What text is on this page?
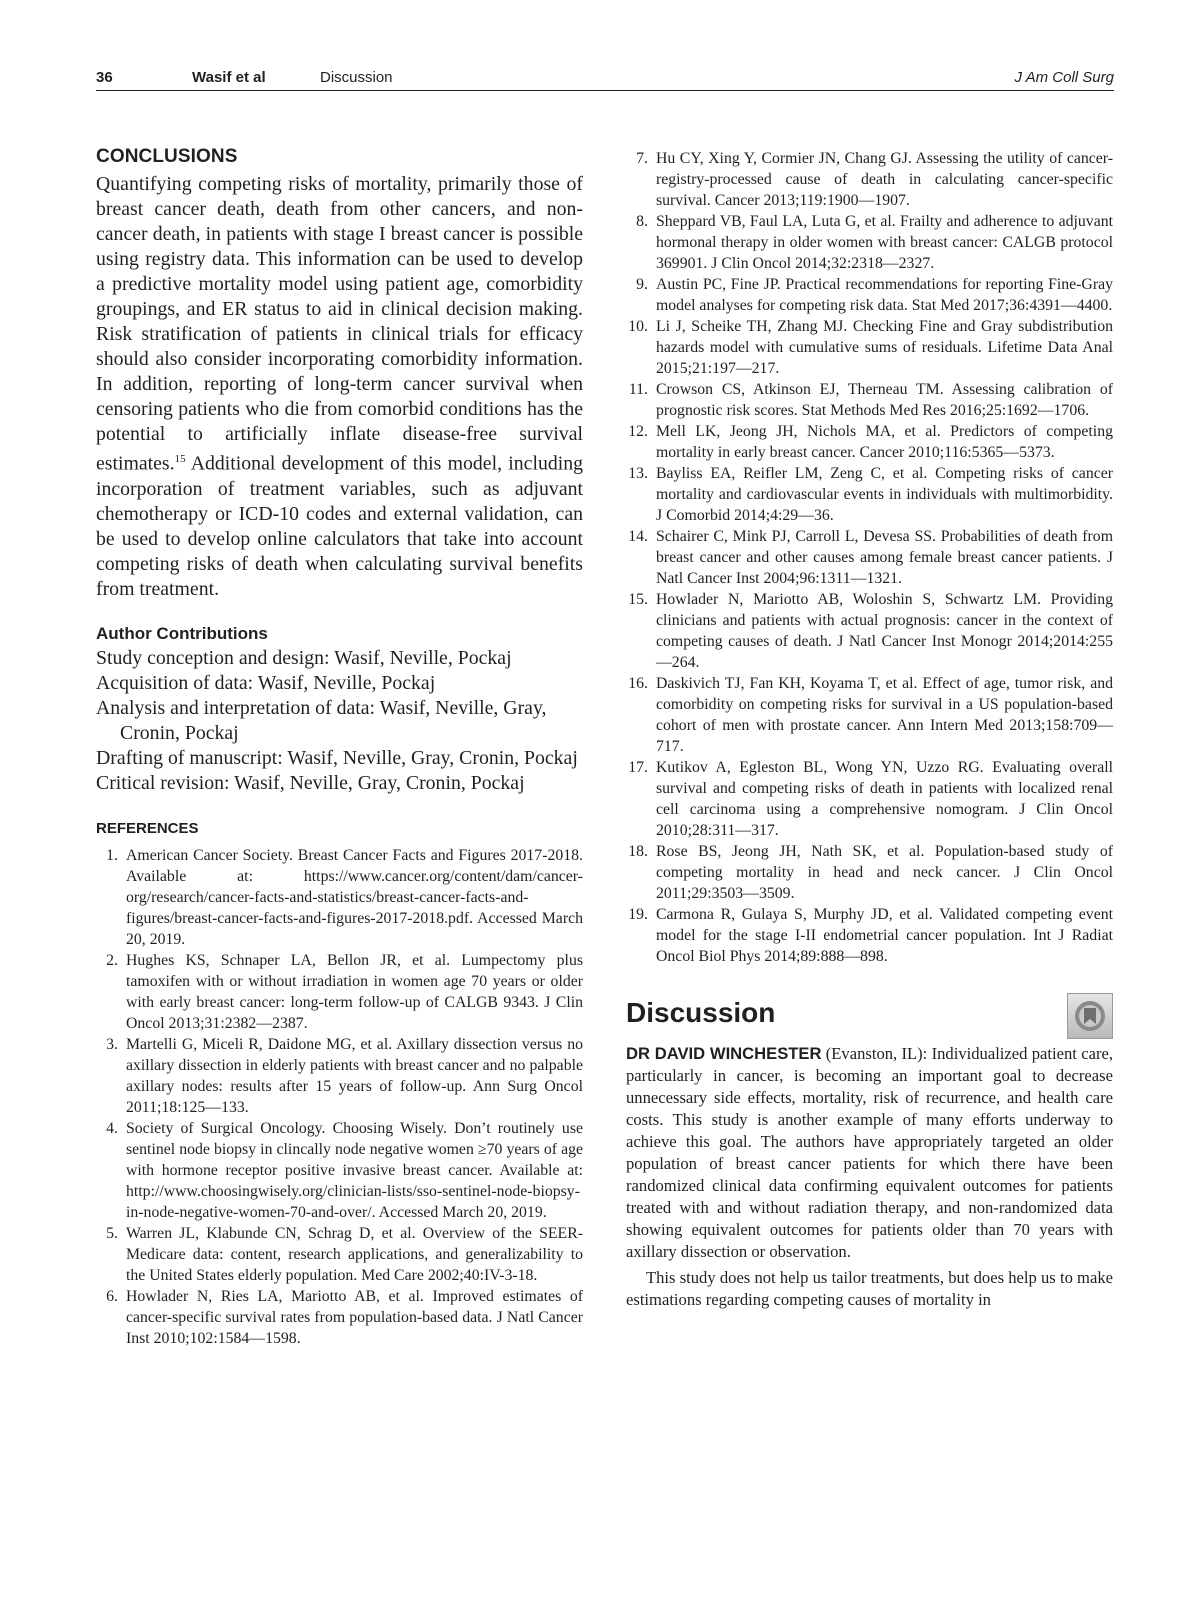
36	Wasif et al	Discussion	J Am Coll Surg
CONCLUSIONS

Quantifying competing risks of mortality, primarily those of breast cancer death, death from other cancers, and non-cancer death, in patients with stage I breast cancer is possible using registry data. This information can be used to develop a predictive mortality model using patient age, comorbidity groupings, and ER status to aid in clinical decision making. Risk stratification of patients in clinical trials for efficacy should also consider incorporating comorbidity information. In addition, reporting of long-term cancer survival when censoring patients who die from comorbid conditions has the potential to artificially inflate disease-free survival estimates.$^{15}$ Additional development of this model, including incorporation of treatment variables, such as adjuvant chemotherapy or ICD-10 codes and external validation, can be used to develop online calculators that take into account competing risks of death when calculating survival benefits from treatment.

Author Contributions
Study conception and design: Wasif, Neville, Pockaj
Acquisition of data: Wasif, Neville, Pockaj
Analysis and interpretation of data: Wasif, Neville, Gray, Cronin, Pockaj
Drafting of manuscript: Wasif, Neville, Gray, Cronin, Pockaj
Critical revision: Wasif, Neville, Gray, Cronin, Pockaj
REFERENCES
1. American Cancer Society. Breast Cancer Facts and Figures 2017-2018. Available at: https://www.cancer.org/content/dam/cancer-org/research/cancer-facts-and-statistics/breast-cancer-facts-and-figures/breast-cancer-facts-and-figures-2017-2018.pdf. Accessed March 20, 2019.
2. Hughes KS, Schnaper LA, Bellon JR, et al. Lumpectomy plus tamoxifen with or without irradiation in women age 70 years or older with early breast cancer: long-term follow-up of CALGB 9343. J Clin Oncol 2013;31:2382—2387.
3. Martelli G, Miceli R, Daidone MG, et al. Axillary dissection versus no axillary dissection in elderly patients with breast cancer and no palpable axillary nodes: results after 15 years of follow-up. Ann Surg Oncol 2011;18:125—133.
4. Society of Surgical Oncology. Choosing Wisely. Don’t routinely use sentinel node biopsy in clincally node negative women ≥70 years of age with hormone receptor positive invasive breast cancer. Available at: http://www.choosingwisely.org/clinician-lists/sso-sentinel-node-biopsy-in-node-negative-women-70-and-over/. Accessed March 20, 2019.
5. Warren JL, Klabunde CN, Schrag D, et al. Overview of the SEER-Medicare data: content, research applications, and generalizability to the United States elderly population. Med Care 2002;40:IV-3-18.
6. Howlader N, Ries LA, Mariotto AB, et al. Improved estimates of cancer-specific survival rates from population-based data. J Natl Cancer Inst 2010;102:1584—1598.
7. Hu CY, Xing Y, Cormier JN, Chang GJ. Assessing the utility of cancer-registry-processed cause of death in calculating cancer-specific survival. Cancer 2013;119:1900—1907.
8. Sheppard VB, Faul LA, Luta G, et al. Frailty and adherence to adjuvant hormonal therapy in older women with breast cancer: CALGB protocol 369901. J Clin Oncol 2014;32:2318—2327.
9. Austin PC, Fine JP. Practical recommendations for reporting Fine-Gray model analyses for competing risk data. Stat Med 2017;36:4391—4400.
10. Li J, Scheike TH, Zhang MJ. Checking Fine and Gray subdistribution hazards model with cumulative sums of residuals. Lifetime Data Anal 2015;21:197—217.
11. Crowson CS, Atkinson EJ, Therneau TM. Assessing calibration of prognostic risk scores. Stat Methods Med Res 2016;25:1692—1706.
12. Mell LK, Jeong JH, Nichols MA, et al. Predictors of competing mortality in early breast cancer. Cancer 2010;116:5365—5373.
13. Bayliss EA, Reifler LM, Zeng C, et al. Competing risks of cancer mortality and cardiovascular events in individuals with multimorbidity. J Comorbid 2014;4:29—36.
14. Schairer C, Mink PJ, Carroll L, Devesa SS. Probabilities of death from breast cancer and other causes among female breast cancer patients. J Natl Cancer Inst 2004;96:1311—1321.
15. Howlader N, Mariotto AB, Woloshin S, Schwartz LM. Providing clinicians and patients with actual prognosis: cancer in the context of competing causes of death. J Natl Cancer Inst Monogr 2014;2014:255—264.
16. Daskivich TJ, Fan KH, Koyama T, et al. Effect of age, tumor risk, and comorbidity on competing risks for survival in a US population-based cohort of men with prostate cancer. Ann Intern Med 2013;158:709—717.
17. Kutikov A, Egleston BL, Wong YN, Uzzo RG. Evaluating overall survival and competing risks of death in patients with localized renal cell carcinoma using a comprehensive nomogram. J Clin Oncol 2010;28:311—317.
18. Rose BS, Jeong JH, Nath SK, et al. Population-based study of competing mortality in head and neck cancer. J Clin Oncol 2011;29:3503—3509.
19. Carmona R, Gulaya S, Murphy JD, et al. Validated competing event model for the stage I-II endometrial cancer population. Int J Radiat Oncol Biol Phys 2014;89:888—898.
Discussion

DR DAVID WINCHESTER (Evanston, IL): Individualized patient care, particularly in cancer, is becoming an important goal to decrease unnecessary side effects, mortality, risk of recurrence, and health care costs. This study is another example of many efforts underway to achieve this goal. The authors have appropriately targeted an older population of breast cancer patients for which there have been randomized clinical data confirming equivalent outcomes for patients treated with and without radiation therapy, and non-randomized data showing equivalent outcomes for patients older than 70 years with axillary dissection or observation.

This study does not help us tailor treatments, but does help us to make estimations regarding competing causes of mortality in
